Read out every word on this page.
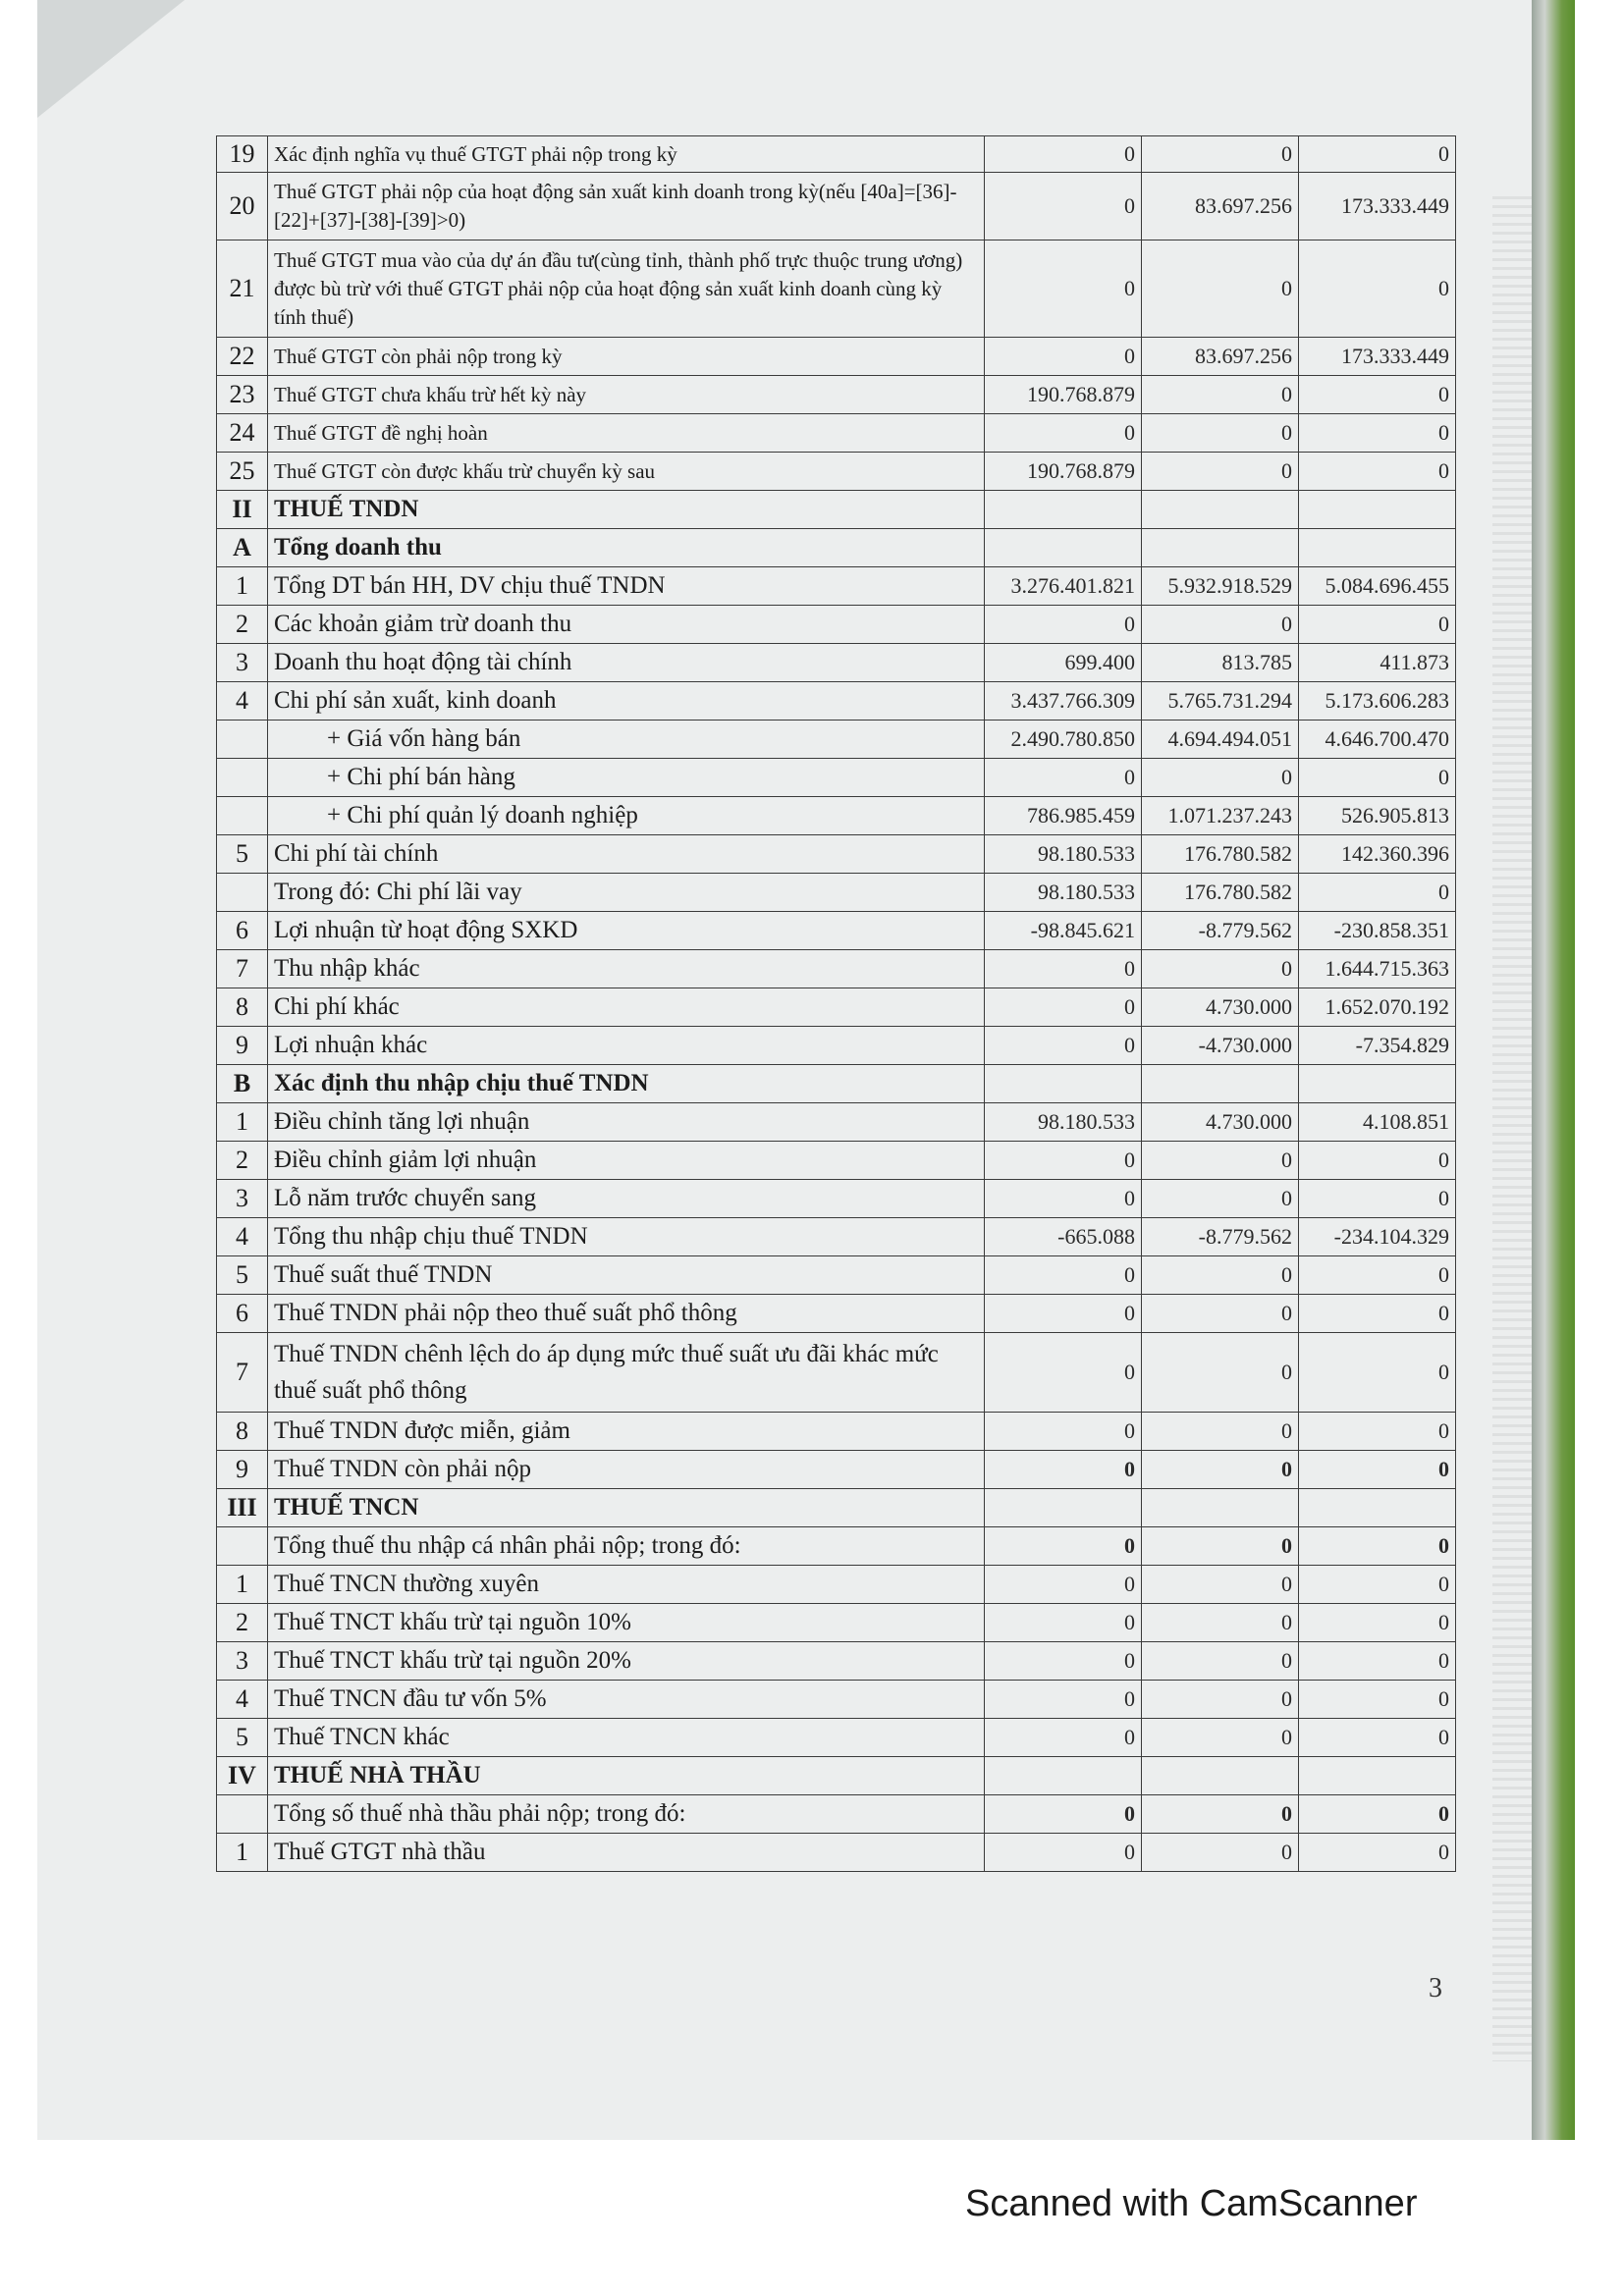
19	Xác định nghĩa vụ thuế GTGT phải nộp trong kỳ	0	0	0
20	Thuế GTGT phải nộp của hoạt động sản xuất kinh doanh trong kỳ(nếu [40a]=[36]-[22]+[37]-[38]-[39]>0)	0	83.697.256	173.333.449
21	Thuế GTGT mua vào của dự án đầu tư(cùng tỉnh, thành phố trực thuộc trung ương) được bù trừ với thuế GTGT phải nộp của hoạt động sản xuất kinh doanh cùng kỳ tính thuế)	0	0	0
22	Thuế GTGT còn phải nộp trong kỳ	0	83.697.256	173.333.449
23	Thuế GTGT chưa khấu trừ hết kỳ này	190.768.879	0	0
24	Thuế GTGT đề nghị hoàn	0	0	0
25	Thuế GTGT còn được khấu trừ chuyển kỳ sau	190.768.879	0	0
II	THUẾ TNDN			
A	Tổng doanh thu			
1	Tổng DT bán HH, DV chịu thuế TNDN	3.276.401.821	5.932.918.529	5.084.696.455
2	Các khoản giảm trừ doanh thu	0	0	0
3	Doanh thu hoạt động tài chính	699.400	813.785	411.873
4	Chi phí sản xuất, kinh doanh	3.437.766.309	5.765.731.294	5.173.606.283
	+ Giá vốn hàng bán	2.490.780.850	4.694.494.051	4.646.700.470
	+ Chi phí bán hàng	0	0	0
	+ Chi phí quản lý doanh nghiệp	786.985.459	1.071.237.243	526.905.813
5	Chi phí tài chính	98.180.533	176.780.582	142.360.396
	Trong đó: Chi phí lãi vay	98.180.533	176.780.582	0
6	Lợi nhuận từ hoạt động SXKD	-98.845.621	-8.779.562	-230.858.351
7	Thu nhập khác	0	0	1.644.715.363
8	Chi phí khác	0	4.730.000	1.652.070.192
9	Lợi nhuận khác	0	-4.730.000	-7.354.829
B	Xác định thu nhập chịu thuế TNDN			
1	Điều chỉnh tăng lợi nhuận	98.180.533	4.730.000	4.108.851
2	Điều chỉnh giảm lợi nhuận	0	0	0
3	Lỗ năm trước chuyển sang	0	0	0
4	Tổng thu nhập chịu thuế TNDN	-665.088	-8.779.562	-234.104.329
5	Thuế suất thuế TNDN	0	0	0
6	Thuế TNDN phải nộp theo thuế suất phổ thông	0	0	0
7	Thuế TNDN chênh lệch do áp dụng mức thuế suất ưu đãi khác mức thuế suất phổ thông	0	0	0
8	Thuế TNDN được miễn, giảm	0	0	0
9	Thuế TNDN còn phải nộp	0	0	0
III	THUẾ TNCN			
	Tổng thuế thu nhập cá nhân phải nộp; trong đó:	0	0	0
1	Thuế TNCN thường xuyên	0	0	0
2	Thuế TNCT khấu trừ tại nguồn 10%	0	0	0
3	Thuế TNCT khấu trừ tại nguồn 20%	0	0	0
4	Thuế TNCN đầu tư vốn 5%	0	0	0
5	Thuế TNCN khác	0	0	0
IV	THUẾ NHÀ THẦU			
	Tổng số thuế nhà thầu phải nộp; trong đó:	0	0	0
1	Thuế GTGT nhà thầu	0	0	0
3
Scanned with CamScanner
